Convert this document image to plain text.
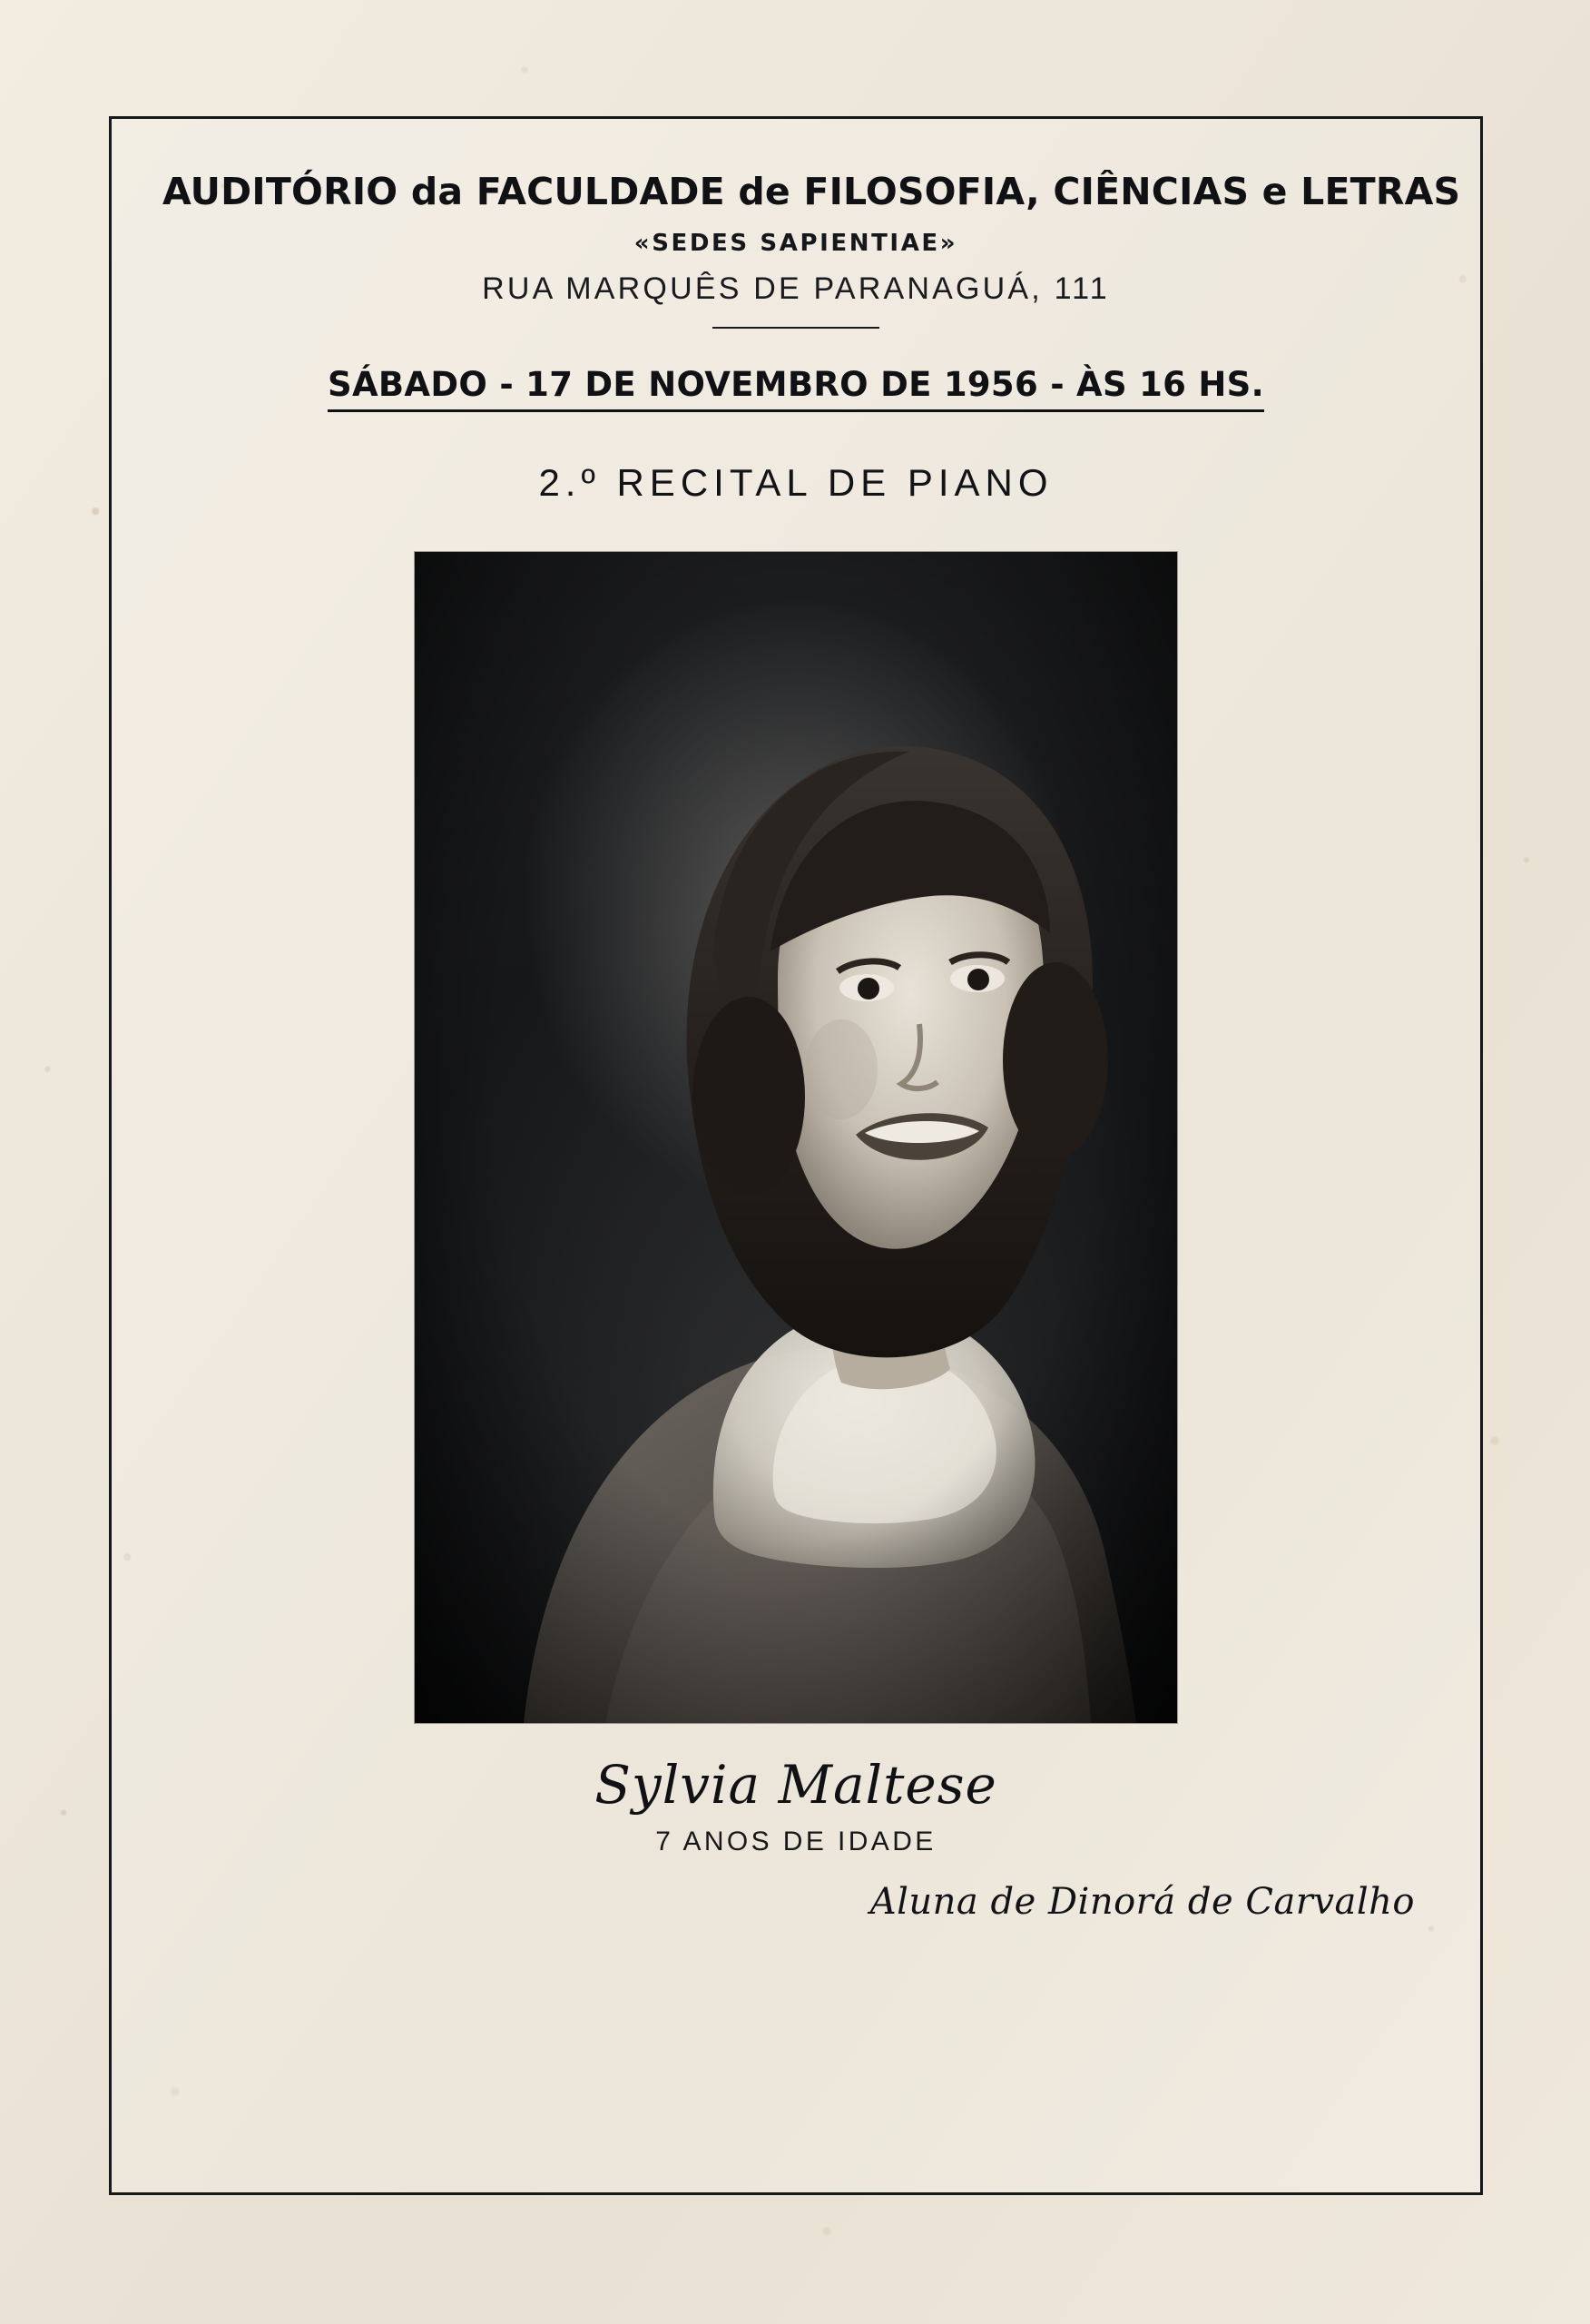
AUDITÓRIO da FACULDADE de FILOSOFIA, CIÊNCIAS e LETRAS
«SEDES SAPIENTIAE»
RUA MARQUÊS DE PARANAGUÁ, 111
SÁBADO - 17 DE NOVEMBRO DE 1956 - ÀS 16 HS.
2.º RECITAL DE PIANO
Sylvia Maltese
7 ANOS DE IDADE
Aluna de Dinorá de Carvalho
